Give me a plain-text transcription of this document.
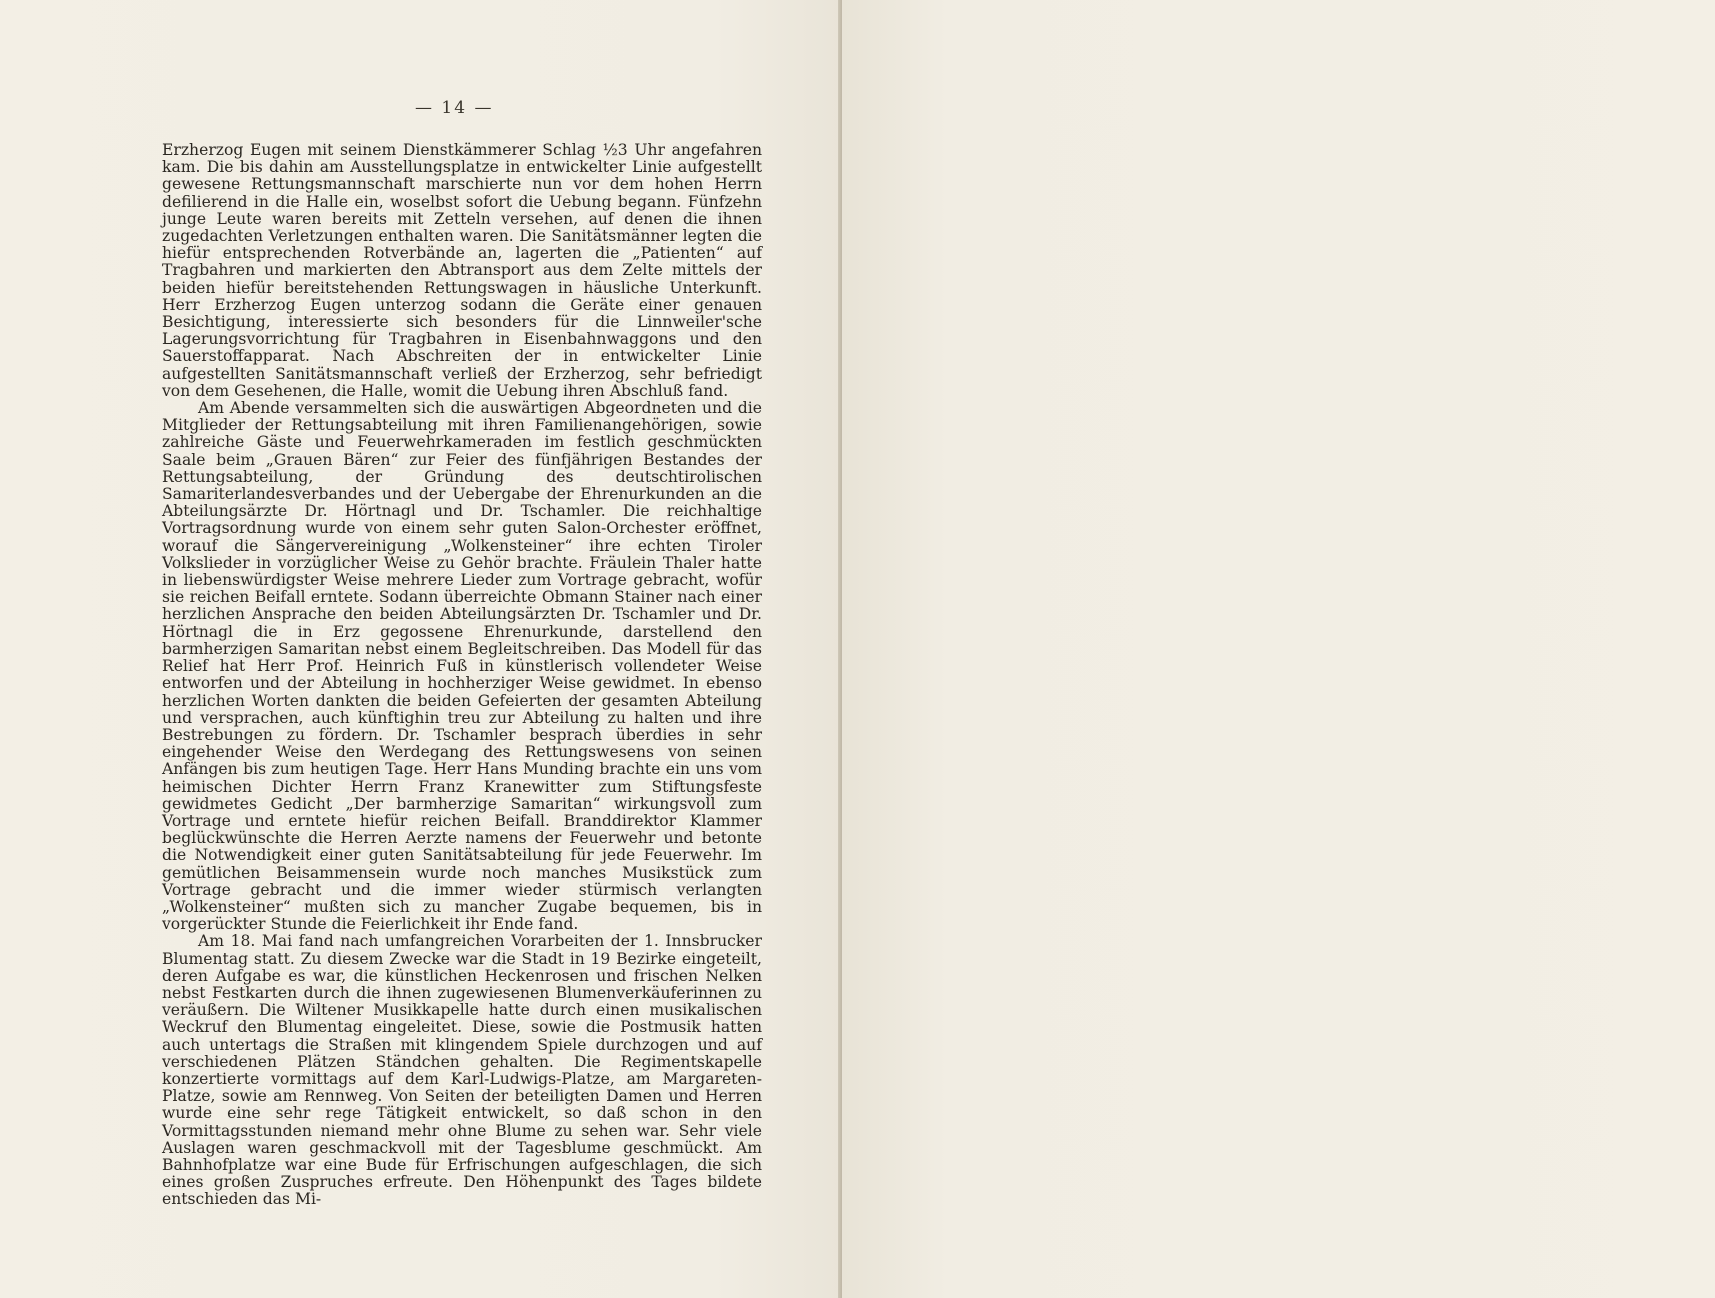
— 14 —

Erzherzog Eugen mit seinem Dienstkämmerer Schlag ½3 Uhr angefahren kam. Die bis dahin am Ausstellungsplatze in entwickelter Linie aufgestellt gewesene Rettungsmannschaft marschierte nun vor dem hohen Herrn defilierend in die Halle ein, woselbst sofort die Uebung begann. Fünfzehn junge Leute waren bereits mit Zetteln versehen, auf denen die ihnen zugedachten Verletzungen enthalten waren. Die Sanitätsmänner legten die hiefür entsprechenden Rotverbände an, lagerten die „Patienten“ auf Tragbahren und markierten den Abtransport aus dem Zelte mittels der beiden hiefür bereitstehenden Rettungswagen in häusliche Unterkunft. Herr Erzherzog Eugen unterzog sodann die Geräte einer genauen Besichtigung, interessierte sich besonders für die Linnweiler'sche Lagerungsvorrichtung für Tragbahren in Eisenbahnwaggons und den Sauerstoffapparat. Nach Abschreiten der in entwickelter Linie aufgestellten Sanitätsmannschaft verließ der Erzherzog, sehr befriedigt von dem Gesehenen, die Halle, womit die Uebung ihren Abschluß fand.

Am Abende versammelten sich die auswärtigen Abgeordneten und die Mitglieder der Rettungsabteilung mit ihren Familienangehörigen, sowie zahlreiche Gäste und Feuerwehrkameraden im festlich geschmückten Saale beim „Grauen Bären“ zur Feier des fünfjährigen Bestandes der Rettungsabteilung, der Gründung des deutschtirolischen Samariterlandesverbandes und der Uebergabe der Ehrenurkunden an die Abteilungsärzte Dr. Hörtnagl und Dr. Tschamler. Die reichhaltige Vortragsordnung wurde von einem sehr guten Salon-Orchester eröffnet, worauf die Sängervereinigung „Wolkensteiner“ ihre echten Tiroler Volkslieder in vorzüglicher Weise zu Gehör brachte. Fräulein Thaler hatte in liebenswürdigster Weise mehrere Lieder zum Vortrage gebracht, wofür sie reichen Beifall erntete. Sodann überreichte Obmann Stainer nach einer herzlichen Ansprache den beiden Abteilungsärzten Dr. Tschamler und Dr. Hörtnagl die in Erz gegossene Ehrenurkunde, darstellend den barmherzigen Samaritan nebst einem Begleitschreiben. Das Modell für das Relief hat Herr Prof. Heinrich Fuß in künstlerisch vollendeter Weise entworfen und der Abteilung in hochherziger Weise gewidmet. In ebenso herzlichen Worten dankten die beiden Gefeierten der gesamten Abteilung und versprachen, auch künftighin treu zur Abteilung zu halten und ihre Bestrebungen zu fördern. Dr. Tschamler besprach überdies in sehr eingehender Weise den Werdegang des Rettungswesens von seinen Anfängen bis zum heutigen Tage. Herr Hans Munding brachte ein uns vom heimischen Dichter Herrn Franz Kranewitter zum Stiftungsfeste gewidmetes Gedicht „Der barmherzige Samaritan“ wirkungsvoll zum Vortrage und erntete hiefür reichen Beifall. Branddirektor Klammer beglückwünschte die Herren Aerzte namens der Feuerwehr und betonte die Notwendigkeit einer guten Sanitätsabteilung für jede Feuerwehr. Im gemütlichen Beisammensein wurde noch manches Musikstück zum Vortrage gebracht und die immer wieder stürmisch verlangten „Wolkensteiner“ mußten sich zu mancher Zugabe bequemen, bis in vorgerückter Stunde die Feierlichkeit ihr Ende fand.

Am 18. Mai fand nach umfangreichen Vorarbeiten der 1. Innsbrucker Blumentag statt. Zu diesem Zwecke war die Stadt in 19 Bezirke eingeteilt, deren Aufgabe es war, die künstlichen Heckenrosen und frischen Nelken nebst Festkarten durch die ihnen zugewiesenen Blumenverkäuferinnen zu veräußern. Die Wiltener Musikkapelle hatte durch einen musikalischen Weckruf den Blumentag eingeleitet. Diese, sowie die Postmusik hatten auch untertags die Straßen mit klingendem Spiele durchzogen und auf verschiedenen Plätzen Ständchen gehalten. Die Regimentskapelle konzertierte vormittags auf dem Karl-Ludwigs-Platze, am Margareten-Platze, sowie am Rennweg. Von Seiten der beteiligten Damen und Herren wurde eine sehr rege Tätigkeit entwickelt, so daß schon in den Vormittagsstunden niemand mehr ohne Blume zu sehen war. Sehr viele Auslagen waren geschmackvoll mit der Tagesblume geschmückt. Am Bahnhofplatze war eine Bude für Erfrischungen aufgeschlagen, die sich eines großen Zuspruches erfreute. Den Höhenpunkt des Tages bildete entschieden das Mi-
